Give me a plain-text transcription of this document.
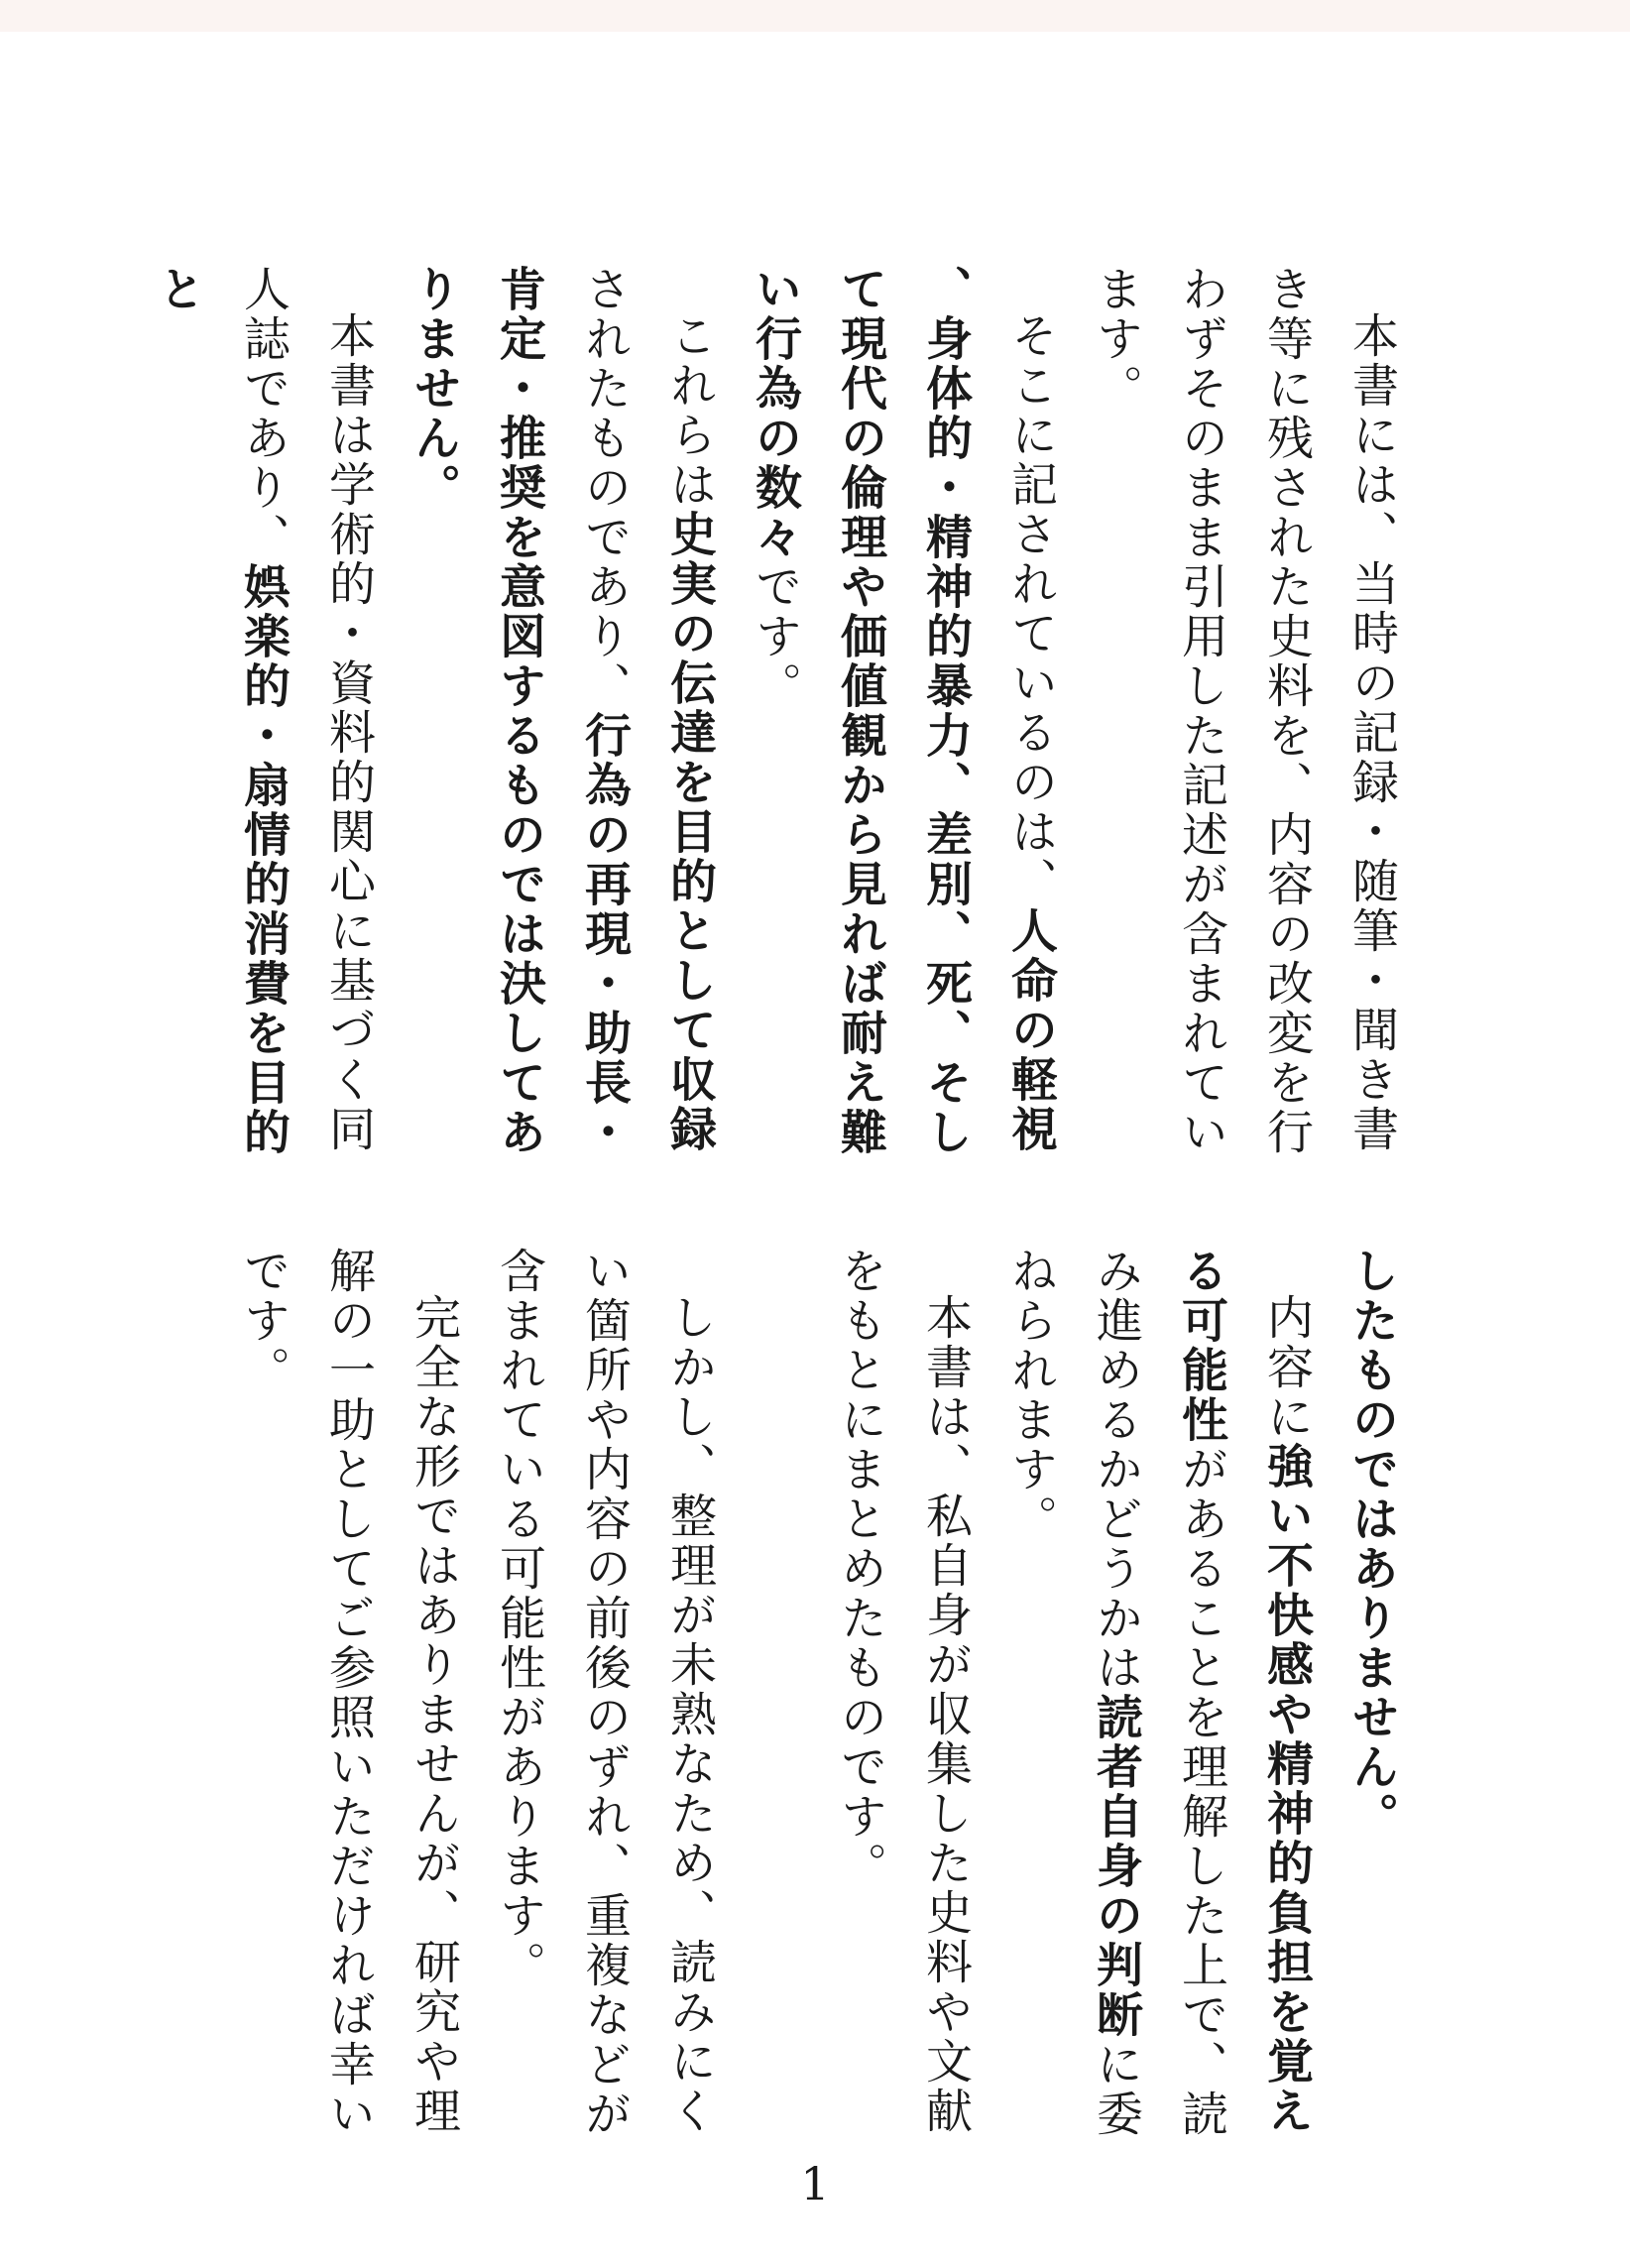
本書には、当時の記録・随筆・聞き書き等に残された史料を、内容の改変を行わずそのまま引用した記述が含まれています。

そこに記されているのは、人命の軽視、身体的・精神的暴力、差別、死、そして現代の倫理や価値観から見れば耐え難い行為の数々です。

これらは史実の伝達を目的として収録されたものであり、行為の再現・助長・肯定・推奨を意図するものでは決してありません。

本書は学術的・資料的関心に基づく同人誌であり、娯楽的・扇情的消費を目的と

したものではありません。

内容に強い不快感や精神的負担を覚える可能性があることを理解した上で、読み進めるかどうかは読者自身の判断に委ねられます。

本書は、私自身が収集した史料や文献をもとにまとめたものです。

しかし、整理が未熟なため、読みにくい箇所や内容の前後のずれ、重複などが含まれている可能性があります。

完全な形ではありませんが、研究や理解の一助としてご参照いただければ幸いです。

1
